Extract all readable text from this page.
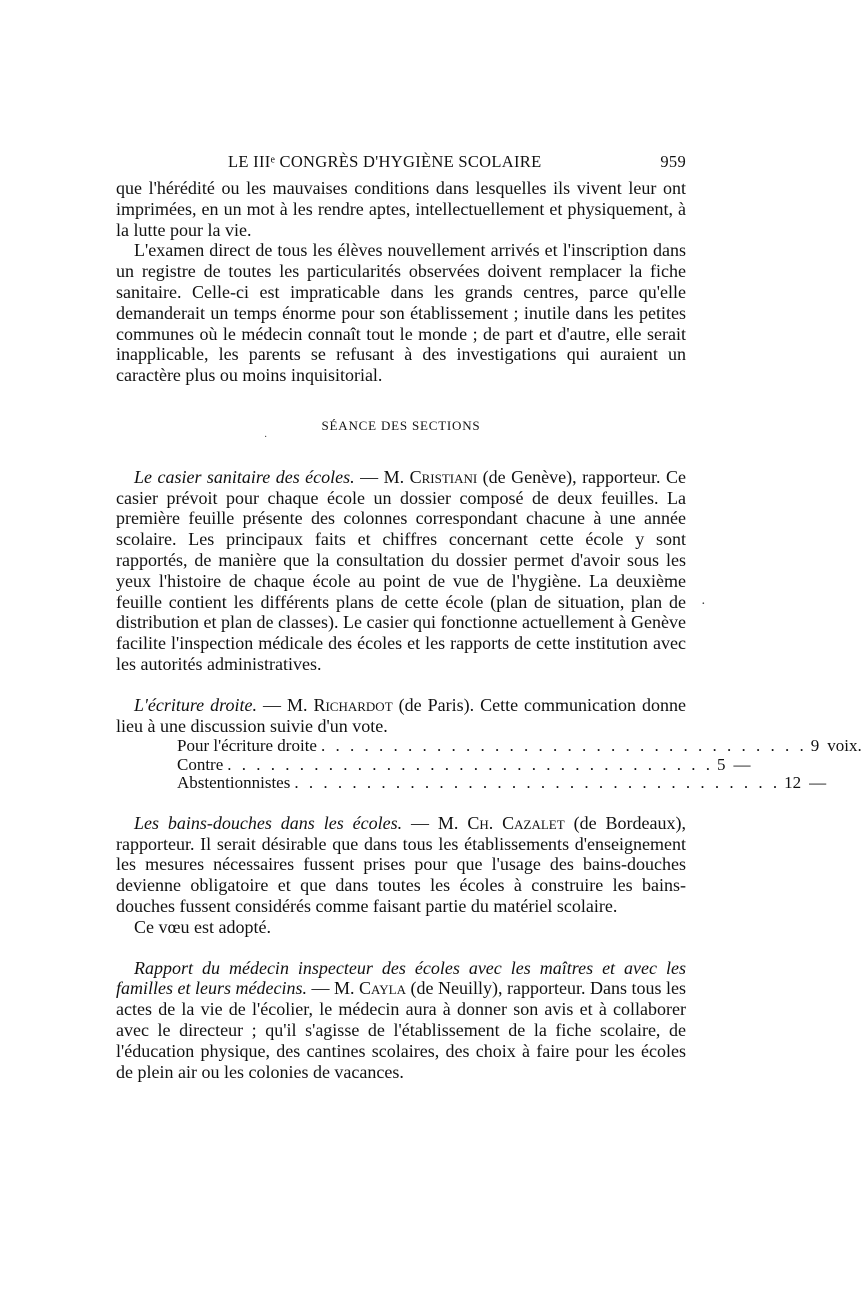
LE IIIᵉ CONGRÈS D'HYGIÈNE SCOLAIRE	959

que l'hérédité ou les mauvaises conditions dans lesquelles ils vivent leur ont imprimées, en un mot à les rendre aptes, intellectuellement et physiquement, à la lutte pour la vie.

L'examen direct de tous les élèves nouvellement arrivés et l'inscription dans un registre de toutes les particularités observées doivent remplacer la fiche sanitaire. Celle-ci est impraticable dans les grands centres, parce qu'elle demanderait un temps énorme pour son établissement ; inutile dans les petites communes où le médecin connaît tout le monde ; de part et d'autre, elle serait inapplicable, les parents se refusant à des investigations qui auraient un caractère plus ou moins inquisitorial.

SÉANCE DES SECTIONS

Le casier sanitaire des écoles. — M. Cristiani (de Genève), rapporteur. Ce casier prévoit pour chaque école un dossier composé de deux feuilles. La première feuille présente des colonnes correspondant chacune à une année scolaire. Les principaux faits et chiffres concernant cette école y sont rapportés, de manière que la consultation du dossier permet d'avoir sous les yeux l'histoire de chaque école au point de vue de l'hygiène. La deuxième feuille contient les différents plans de cette école (plan de situation, plan de distribution et plan de classes). Le casier qui fonctionne actuellement à Genève facilite l'inspection médicale des écoles et les rapports de cette institution avec les autorités administratives.

L'écriture droite. — M. Richardot (de Paris). Cette communication donne lieu à une discussion suivie d'un vote.

Pour l'écriture droite . . . . . . . . . . . . . . . . . . . . . . . . . . . . . . . . . . 9 voix.
Contre . . . . . . . . . . . . . . . . . . . . . . . . . . . . . . . . . . 5 —
Abstentionnistes . . . . . . . . . . . . . . . . . . . . . . . . . . . . . . . . . . 12 —

Les bains-douches dans les écoles. — M. Ch. Cazalet (de Bordeaux), rapporteur. Il serait désirable que dans tous les établissements d'enseignement les mesures nécessaires fussent prises pour que l'usage des bains-douches devienne obligatoire et que dans toutes les écoles à construire les bains-douches fussent considérés comme faisant partie du matériel scolaire.

Ce vœu est adopté.

Rapport du médecin inspecteur des écoles avec les maîtres et avec les familles et leurs médecins. — M. Cayla (de Neuilly), rapporteur. Dans tous les actes de la vie de l'écolier, le médecin aura à donner son avis et à collaborer avec le directeur ; qu'il s'agisse de l'établissement de la fiche scolaire, de l'éducation physique, des cantines scolaires, des choix à faire pour les écoles de plein air ou les colonies de vacances.

·
·
